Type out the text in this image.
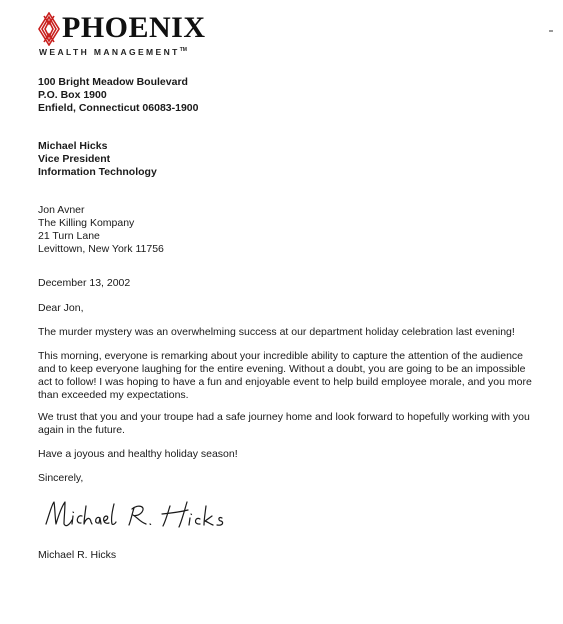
PHOENIX
WEALTH MANAGEMENT™
100 Bright Meadow Boulevard
P.O. Box 1900
Enfield, Connecticut 06083-1900
Michael Hicks
Vice President
Information Technology
Jon Avner
The Killing Kompany
21 Turn Lane
Levittown, New York 11756
December 13, 2002
Dear Jon,
The murder mystery was an overwhelming success at our department holiday celebration last evening!
This morning, everyone is remarking about your incredible ability to capture the attention of the audience and to keep everyone laughing for the entire evening. Without a doubt, you are going to be an impossible act to follow! I was hoping to have a fun and enjoyable event to help build employee morale, and you more than exceeded my expectations.
We trust that you and your troupe had a safe journey home and look forward to hopefully working with you again in the future.
Have a joyous and healthy holiday season!
Sincerely,
Michael R. Hicks
